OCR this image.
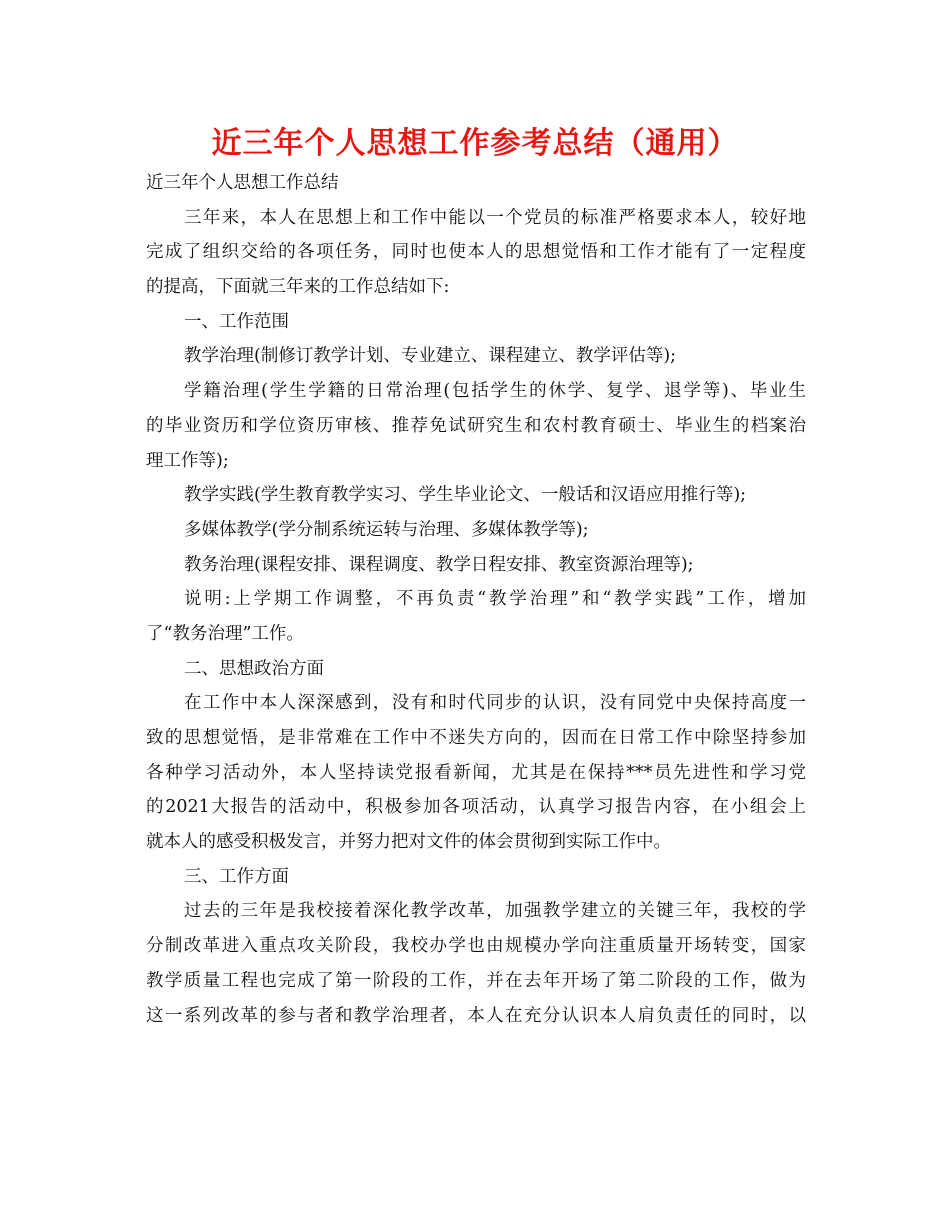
近三年个人思想工作参考总结（通用）
近三年个人思想工作总结
三年来，本人在思想上和工作中能以一个党员的标准严格要求本人，较好地
完成了组织交给的各项任务，同时也使本人的思想觉悟和工作才能有了一定程度
的提高，下面就三年来的工作总结如下:
一、工作范围
教学治理(制修订教学计划、专业建立、课程建立、教学评估等);
学籍治理(学生学籍的日常治理(包括学生的休学、复学、退学等)、毕业生
的毕业资历和学位资历审核、推荐免试研究生和农村教育硕士、毕业生的档案治
理工作等);
教学实践(学生教育教学实习、学生毕业论文、一般话和汉语应用推行等);
多媒体教学(学分制系统运转与治理、多媒体教学等);
教务治理(课程安排、课程调度、教学日程安排、教室资源治理等);
说明:上学期工作调整，不再负责“教学治理”和“教学实践”工作，增加
了“教务治理”工作。
二、思想政治方面
在工作中本人深深感到，没有和时代同步的认识，没有同党中央保持高度一
致的思想觉悟，是非常难在工作中不迷失方向的，因而在日常工作中除坚持参加
各种学习活动外，本人坚持读党报看新闻，尤其是在保持***员先进性和学习党
的2021大报告的活动中，积极参加各项活动，认真学习报告内容，在小组会上
就本人的感受积极发言，并努力把对文件的体会贯彻到实际工作中。
三、工作方面
过去的三年是我校接着深化教学改革，加强教学建立的关键三年，我校的学
分制改革进入重点攻关阶段，我校办学也由规模办学向注重质量开场转变，国家
教学质量工程也完成了第一阶段的工作，并在去年开场了第二阶段的工作，做为
这一系列改革的参与者和教学治理者，本人在充分认识本人肩负责任的同时，以
